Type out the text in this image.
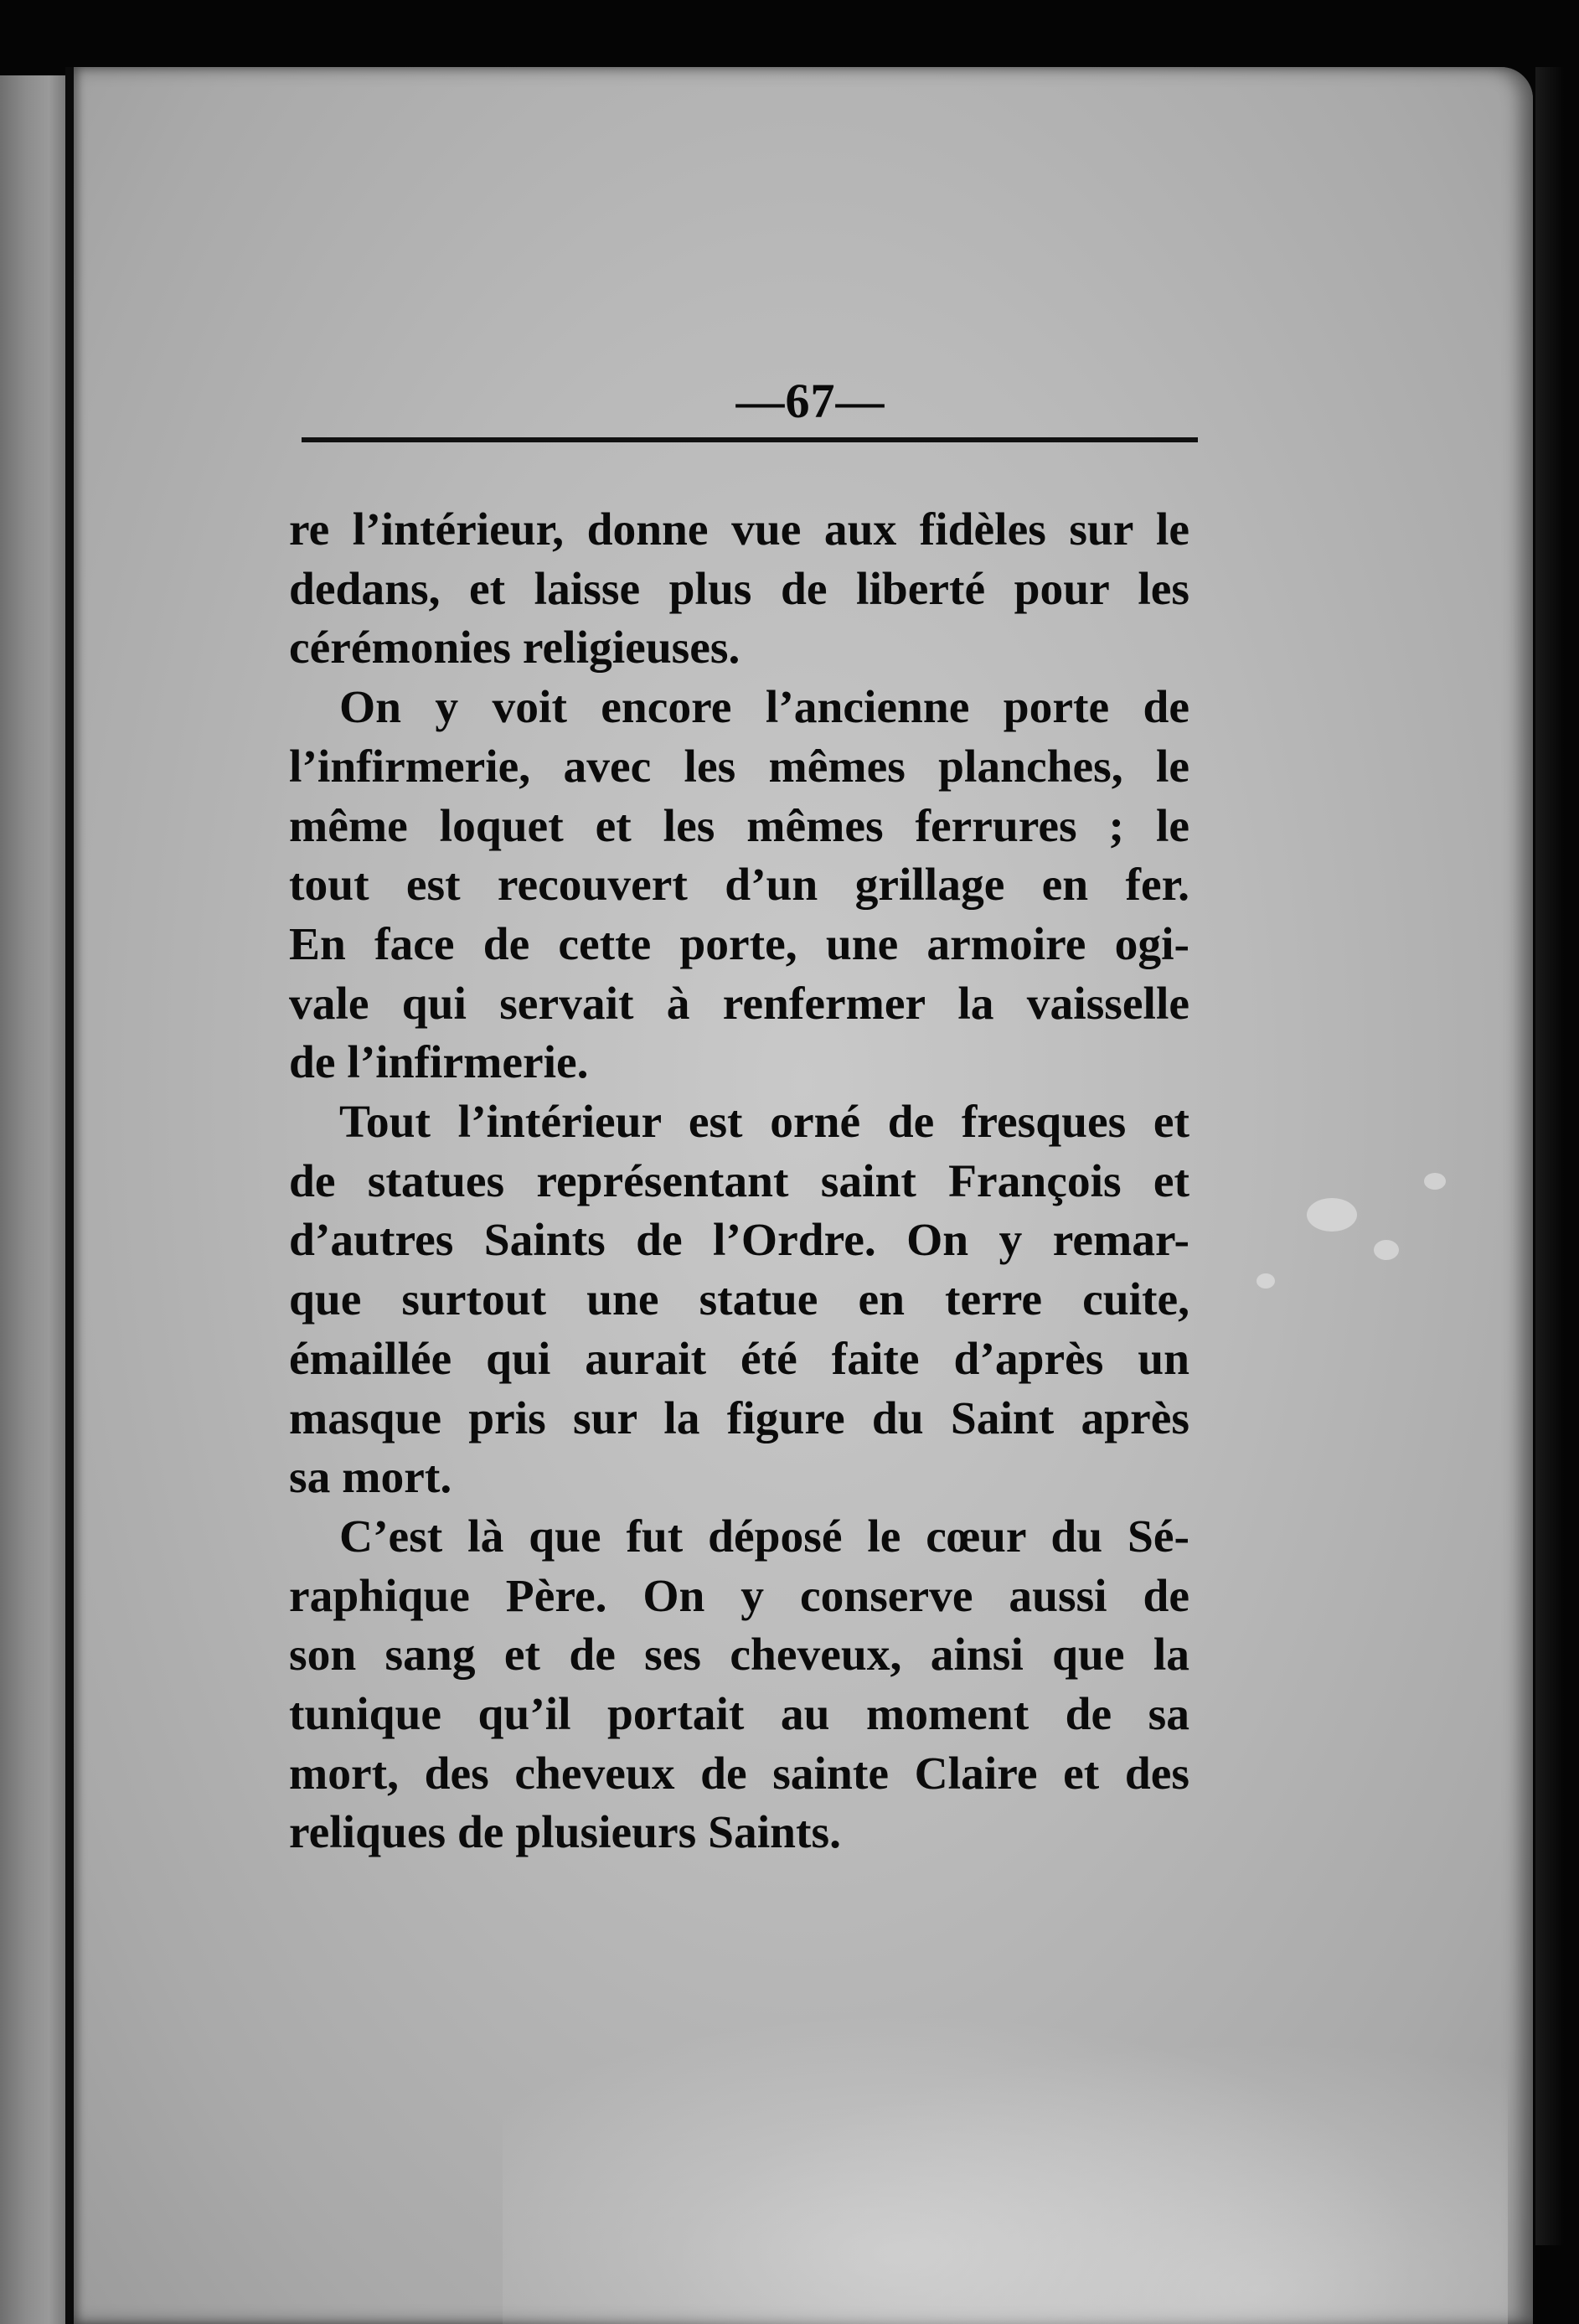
—67—
re l’intérieur, donne vue aux fidèles sur le
dedans, et laisse plus de liberté pour les
cérémonies religieuses.
On y voit encore l’ancienne porte de
l’infirmerie, avec les mêmes planches, le
même loquet et les mêmes ferrures ; le
tout est recouvert d’un grillage en fer.
En face de cette porte, une armoire ogi-
vale qui servait à renfermer la vaisselle
de l’infirmerie.
Tout l’intérieur est orné de fresques et
de statues représentant saint François et
d’autres Saints de l’Ordre. On y remar-
que surtout une statue en terre cuite,
émaillée qui aurait été faite d’après un
masque pris sur la figure du Saint après
sa mort.
C’est là que fut déposé le cœur du Sé-
raphique Père. On y conserve aussi de
son sang et de ses cheveux, ainsi que la
tunique qu’il portait au moment de sa
mort, des cheveux de sainte Claire et des
reliques de plusieurs Saints.
